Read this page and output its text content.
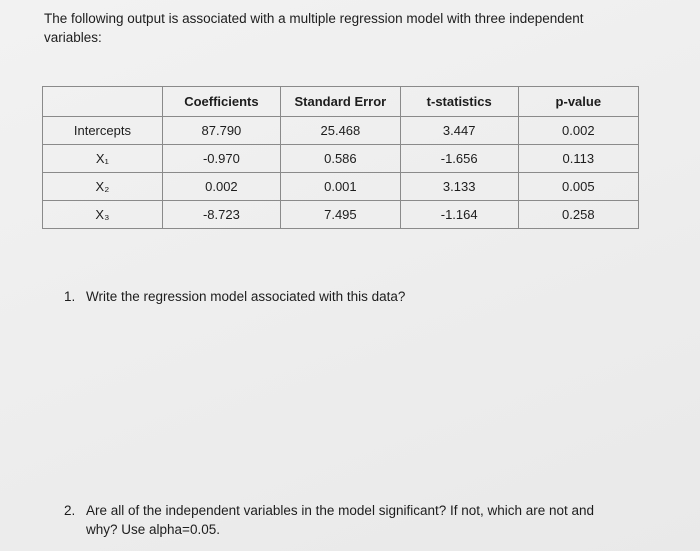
The following output is associated with a multiple regression model with three independent
variables:

	Coefficients	Standard Error	t-statistics	p-value
Intercepts	87.790	25.468	3.447	0.002
X₁	-0.970	0.586	-1.656	0.113
X₂	0.002	0.001	3.133	0.005
X₃	-8.723	7.495	-1.164	0.258

1. Write the regression model associated with this data?

2. Are all of the independent variables in the model significant? If not, which are not and
why? Use alpha=0.05.
